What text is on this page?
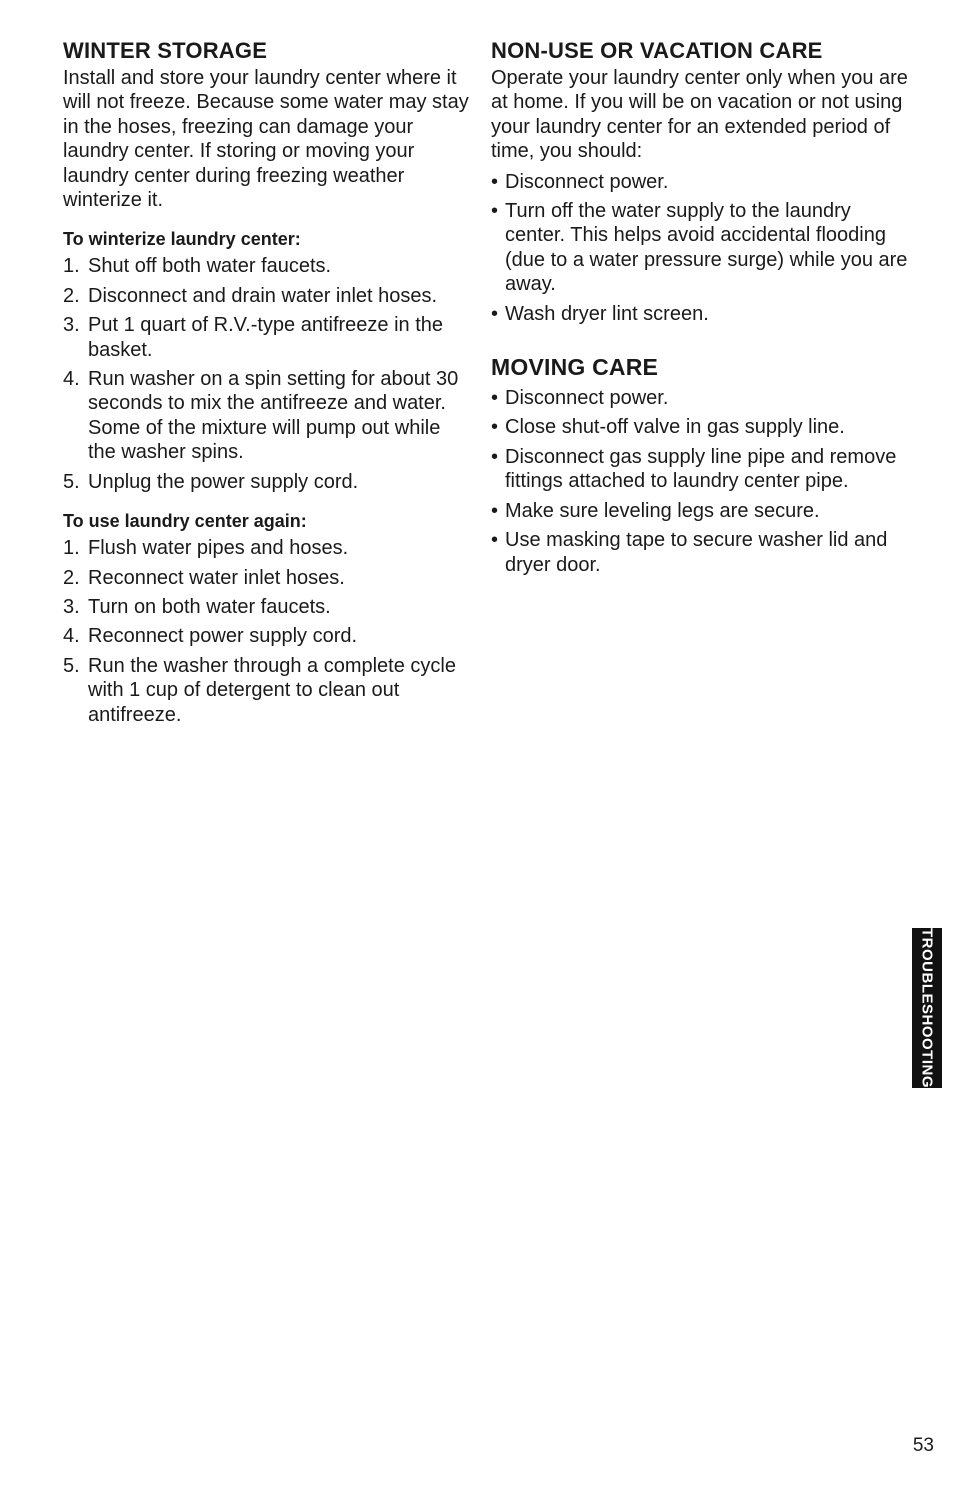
WINTER STORAGE

Install and store your laundry center where it will not freeze. Because some water may stay in the hoses, freezing can damage your laundry center. If storing or moving your laundry center during freezing weather winterize it.

To winterize laundry center:
1. Shut off both water faucets.
2. Disconnect and drain water inlet hoses.
3. Put 1 quart of R.V.-type antifreeze in the basket.
4. Run washer on a spin setting for about 30 seconds to mix the antifreeze and water. Some of the mixture will pump out while the washer spins.
5. Unplug the power supply cord.
To use laundry center again:
1. Flush water pipes and hoses.
2. Reconnect water inlet hoses.
3. Turn on both water faucets.
4. Reconnect power supply cord.
5. Run the washer through a complete cycle with 1 cup of detergent to clean out antifreeze.
NON-USE OR VACATION CARE

Operate your laundry center only when you are at home. If you will be on vacation or not using your laundry center for an extended period of time, you should:

• Disconnect power.
• Turn off the water supply to the laundry center. This helps avoid accidental flooding (due to a water pressure surge) while you are away.
• Wash dryer lint screen.
MOVING CARE
• Disconnect power.
• Close shut-off valve in gas supply line.
• Disconnect gas supply line pipe and remove fittings attached to laundry center pipe.
• Make sure leveling legs are secure.
• Use masking tape to secure washer lid and dryer door.
TROUBLESHOOTING
53
